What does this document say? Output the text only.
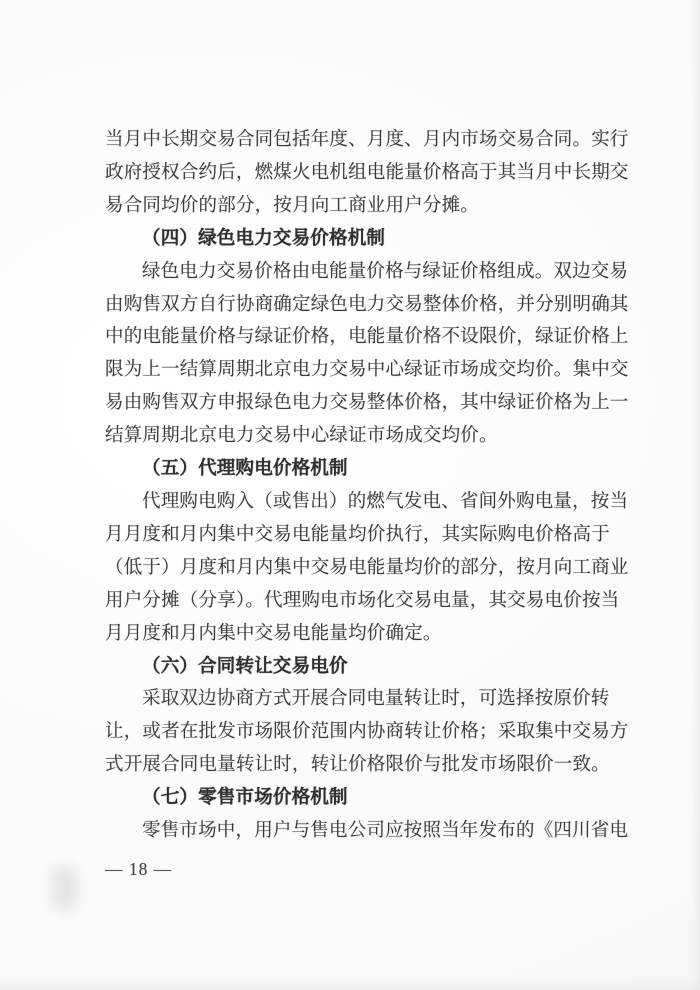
当月中长期交易合同包括年度、月度、月内市场交易合同。实行
政府授权合约后，燃煤火电机组电能量价格高于其当月中长期交
易合同均价的部分，按月向工商业用户分摊。
（四）绿色电力交易价格机制
绿色电力交易价格由电能量价格与绿证价格组成。双边交易
由购售双方自行协商确定绿色电力交易整体价格，并分别明确其
中的电能量价格与绿证价格，电能量价格不设限价，绿证价格上
限为上一结算周期北京电力交易中心绿证市场成交均价。集中交
易由购售双方申报绿色电力交易整体价格，其中绿证价格为上一
结算周期北京电力交易中心绿证市场成交均价。
（五）代理购电价格机制
代理购电购入（或售出）的燃气发电、省间外购电量，按当
月月度和月内集中交易电能量均价执行，其实际购电价格高于
（低于）月度和月内集中交易电能量均价的部分，按月向工商业
用户分摊（分享）。代理购电市场化交易电量，其交易电价按当
月月度和月内集中交易电能量均价确定。
（六）合同转让交易电价
采取双边协商方式开展合同电量转让时，可选择按原价转
让，或者在批发市场限价范围内协商转让价格；采取集中交易方
式开展合同电量转让时，转让价格限价与批发市场限价一致。
（七）零售市场价格机制
零售市场中，用户与售电公司应按照当年发布的《四川省电
— 18 —
